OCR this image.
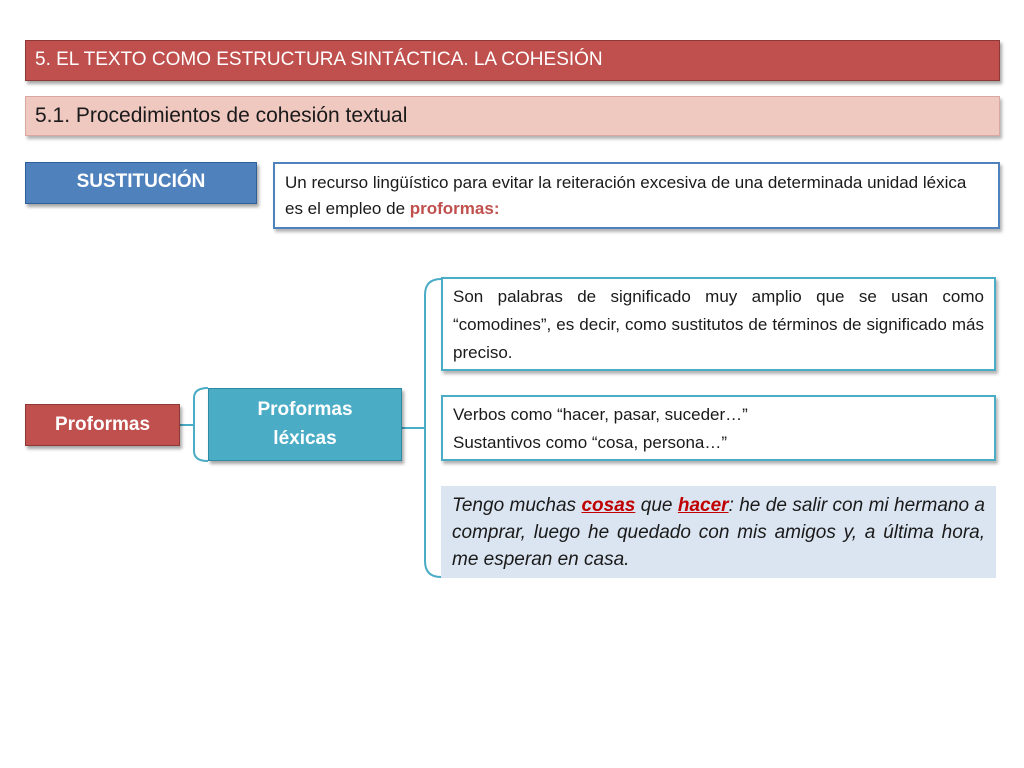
5. EL TEXTO COMO ESTRUCTURA SINTÁCTICA. LA COHESIÓN
5.1. Procedimientos de cohesión textual
SUSTITUCIÓN	Un recurso lingüístico para evitar la reiteración excesiva de una determinada unidad léxica es el empleo de proformas:
Proformas
Proformas
léxicas
Son palabras de significado muy amplio que se usan como “comodines”, es decir, como sustitutos de términos de significado más preciso.
Verbos como “hacer, pasar, suceder…”
Sustantivos como “cosa, persona…”
Tengo muchas cosas que hacer: he de salir con mi hermano a comprar, luego he quedado con mis amigos y, a última hora, me esperan en casa.
